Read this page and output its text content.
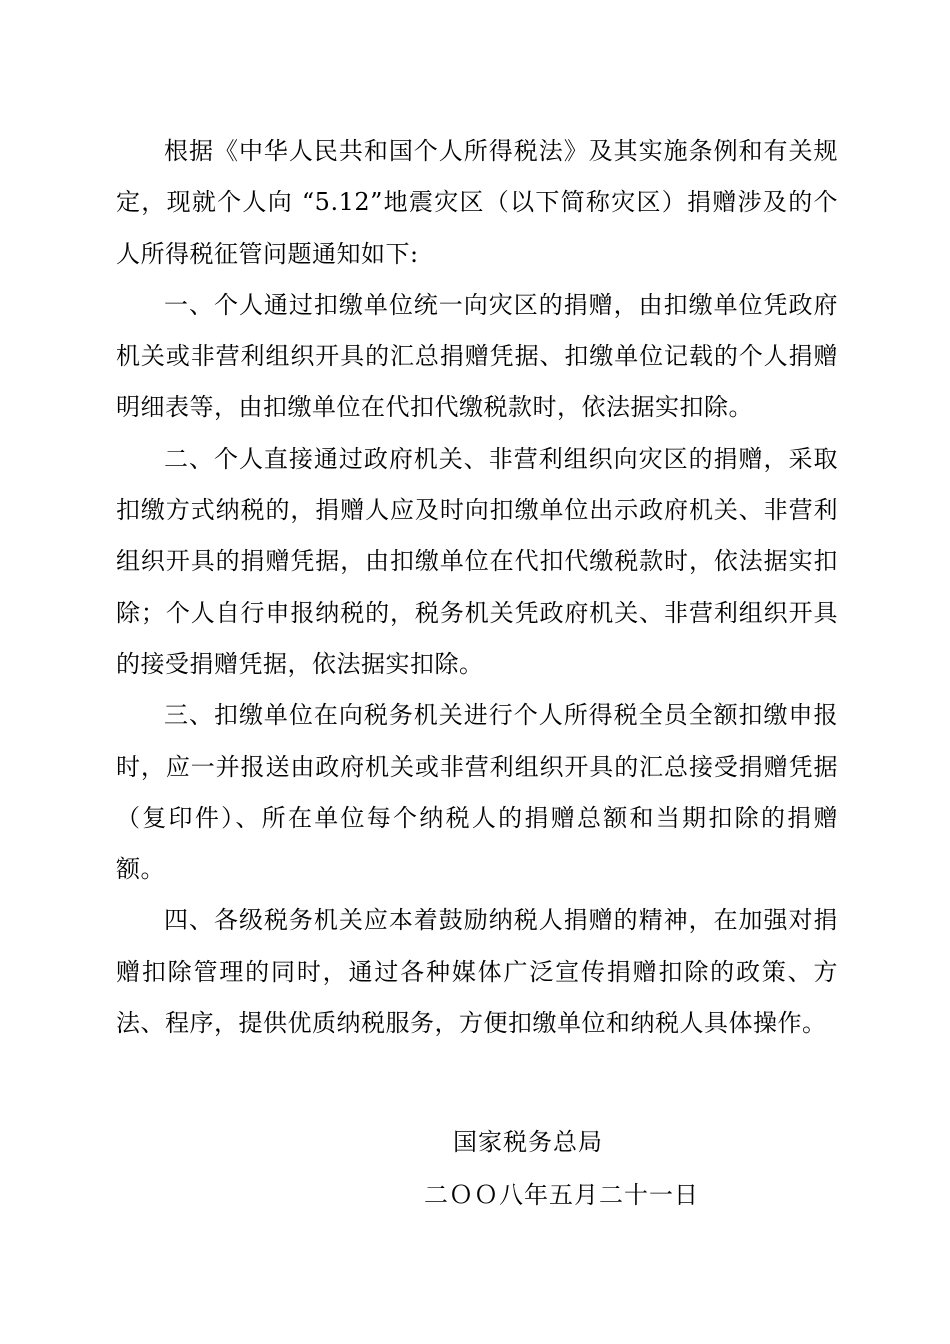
根据《中华人民共和国个人所得税法》及其实施条例和有关规定，现就个人向 “5.12”地震灾区（以下简称灾区）捐赠涉及的个人所得税征管问题通知如下:

一、个人通过扣缴单位统一向灾区的捐赠，由扣缴单位凭政府机关或非营利组织开具的汇总捐赠凭据、扣缴单位记载的个人捐赠明细表等，由扣缴单位在代扣代缴税款时，依法据实扣除。

二、个人直接通过政府机关、非营利组织向灾区的捐赠，采取扣缴方式纳税的，捐赠人应及时向扣缴单位出示政府机关、非营利组织开具的捐赠凭据，由扣缴单位在代扣代缴税款时，依法据实扣除；个人自行申报纳税的，税务机关凭政府机关、非营利组织开具的接受捐赠凭据，依法据实扣除。

三、扣缴单位在向税务机关进行个人所得税全员全额扣缴申报时，应一并报送由政府机关或非营利组织开具的汇总接受捐赠凭据（复印件）、所在单位每个纳税人的捐赠总额和当期扣除的捐赠额。

四、各级税务机关应本着鼓励纳税人捐赠的精神，在加强对捐赠扣除管理的同时，通过各种媒体广泛宣传捐赠扣除的政策、方法、程序，提供优质纳税服务，方便扣缴单位和纳税人具体操作。

国家税务总局

二ＯＯ八年五月二十一日
